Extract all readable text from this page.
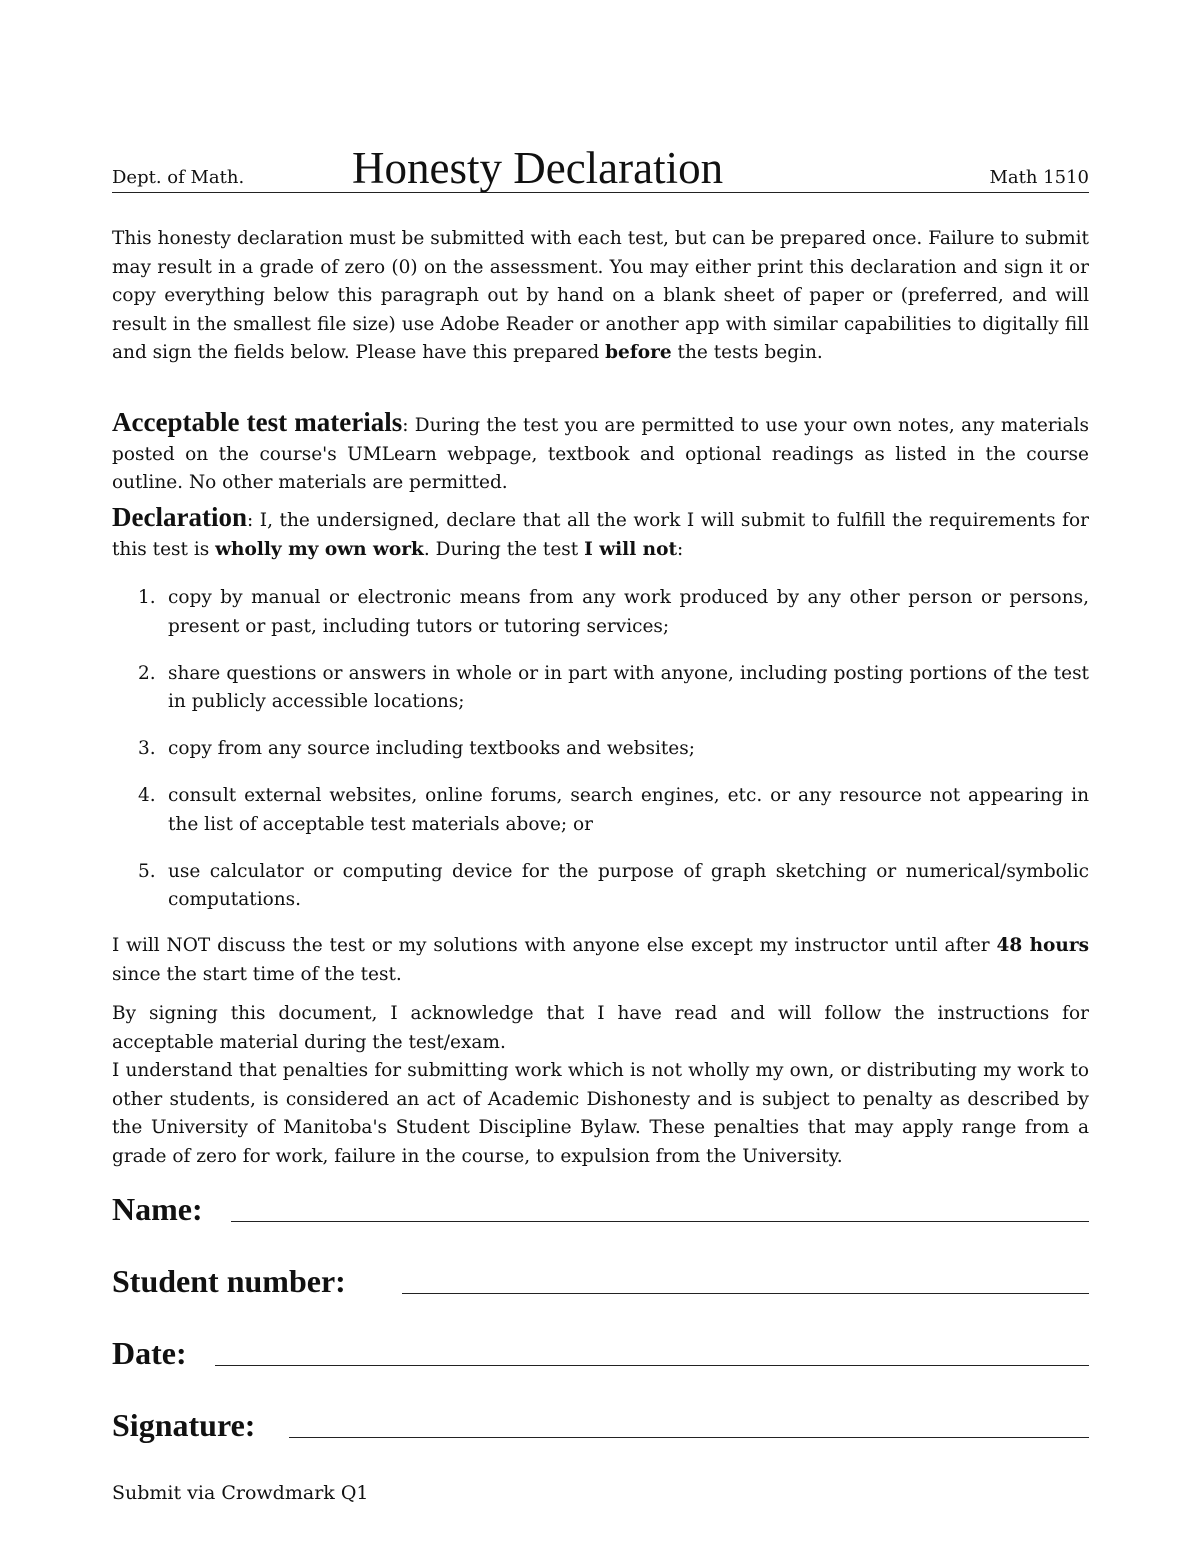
Dept. of Math. Honesty Declaration	Math 1510

This honesty declaration must be submitted with each test, but can be prepared once. Failure to submit may result in a grade of zero (0) on the assessment. You may either print this declaration and sign it or copy everything below this paragraph out by hand on a blank sheet of paper or (preferred, and will result in the smallest file size) use Adobe Reader or another app with similar capabilities to digitally fill and sign the fields below. Please have this prepared before the tests begin.

Acceptable test materials: During the test you are permitted to use your own notes, any materials posted on the course's UMLearn webpage, textbook and optional readings as listed in the course outline. No other materials are permitted.

Declaration: I, the undersigned, declare that all the work I will submit to fulfill the requirements for this test is wholly my own work. During the test I will not:

1. copy by manual or electronic means from any work produced by any other person or persons, present or past, including tutors or tutoring services;
2. share questions or answers in whole or in part with anyone, including posting portions of the test in publicly accessible locations;
3. copy from any source including textbooks and websites;
4. consult external websites, online forums, search engines, etc. or any resource not appearing in the list of acceptable test materials above; or
5. use calculator or computing device for the purpose of graph sketching or numerical/symbolic computations.

I will NOT discuss the test or my solutions with anyone else except my instructor until after 48 hours since the start time of the test.

By signing this document, I acknowledge that I have read and will follow the instructions for acceptable material during the test/exam.

I understand that penalties for submitting work which is not wholly my own, or distributing my work to other students, is considered an act of Academic Dishonesty and is subject to penalty as described by the University of Manitoba's Student Discipline Bylaw. These penalties that may apply range from a grade of zero for work, failure in the course, to expulsion from the University.

Name:
Student number:
Date:
Signature:
Submit via Crowdmark Q1
